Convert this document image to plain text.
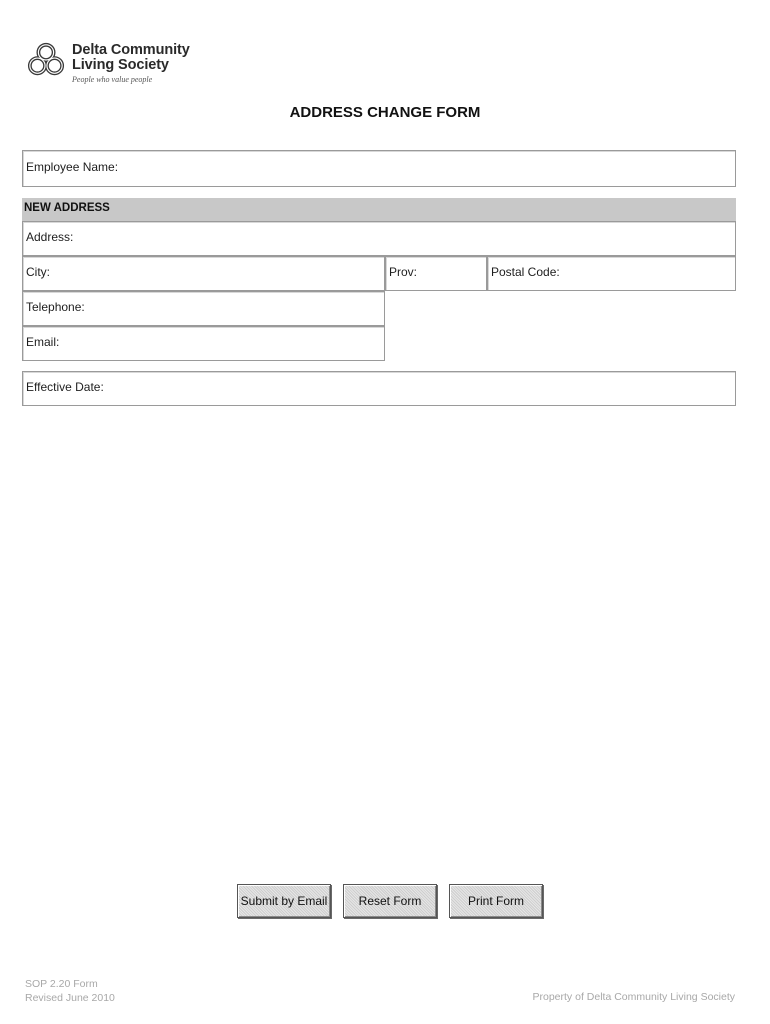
Delta Community
Living Society
People who value people
ADDRESS CHANGE FORM
Employee Name:
NEW ADDRESS
Address:
City:	Prov:	Postal Code:
Telephone:
Email:
Effective Date:
Submit by Email	Reset Form	Print Form
SOP 2.20 Form
Revised June 2010	Property of Delta Community Living Society
